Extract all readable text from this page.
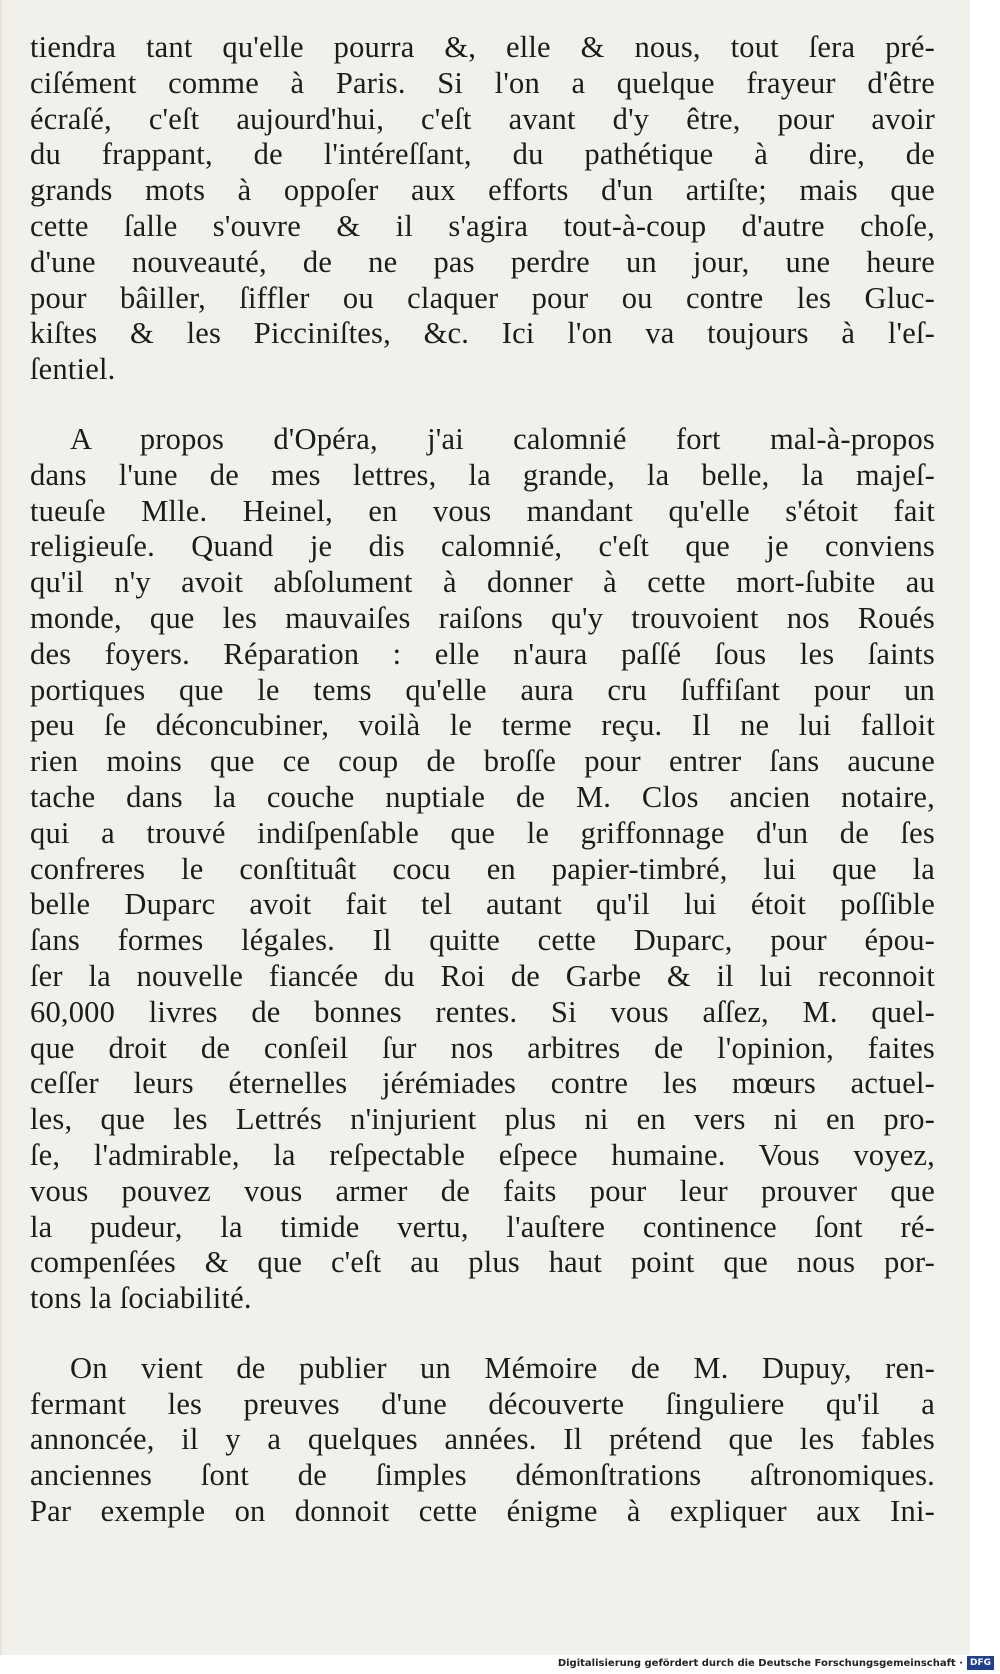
tiendra tant qu'elle pourra &, elle & nous, tout ſera pré-
ciſément comme à Paris. Si l'on a quelque frayeur d'être
écraſé, c'eſt aujourd'hui, c'eſt avant d'y être, pour avoir
du frappant, de l'intéreſſant, du pathétique à dire, de
grands mots à oppoſer aux efforts d'un artiſte; mais que
cette ſalle s'ouvre & il s'agira tout-à-coup d'autre choſe,
d'une nouveauté, de ne pas perdre un jour, une heure
pour bâiller, ſiffler ou claquer pour ou contre les Gluc-
kiſtes & les Picciniſtes, &c. Ici l'on va toujours à l'eſ-
ſentiel.
A propos d'Opéra, j'ai calomnié fort mal-à-propos
dans l'une de mes lettres, la grande, la belle, la majeſ-
tueuſe Mlle. Heinel, en vous mandant qu'elle s'étoit fait
religieuſe. Quand je dis calomnié, c'eſt que je conviens
qu'il n'y avoit abſolument à donner à cette mort-ſubite au
monde, que les mauvaiſes raiſons qu'y trouvoient nos Roués
des foyers. Réparation : elle n'aura paſſé ſous les ſaints
portiques que le tems qu'elle aura cru ſuffiſant pour un
peu ſe déconcubiner, voilà le terme reçu. Il ne lui falloit
rien moins que ce coup de broſſe pour entrer ſans aucune
tache dans la couche nuptiale de M. Clos ancien notaire,
qui a trouvé indiſpenſable que le griffonnage d'un de ſes
confreres le conſtituât cocu en papier-timbré, lui que la
belle Duparc avoit fait tel autant qu'il lui étoit poſſible
ſans formes légales. Il quitte cette Duparc, pour épou-
ſer la nouvelle fiancée du Roi de Garbe & il lui reconnoit
60,000 livres de bonnes rentes. Si vous aſſez, M. quel-
que droit de conſeil ſur nos arbitres de l'opinion, faites
ceſſer leurs éternelles jérémiades contre les mœurs actuel-
les, que les Lettrés n'injurient plus ni en vers ni en pro-
ſe, l'admirable, la reſpectable eſpece humaine. Vous voyez,
vous pouvez vous armer de faits pour leur prouver que
la pudeur, la timide vertu, l'auſtere continence ſont ré-
compenſées & que c'eſt au plus haut point que nous por-
tons la ſociabilité.
On vient de publier un Mémoire de M. Dupuy, ren-
fermant les preuves d'une découverte ſinguliere qu'il a
annoncée, il y a quelques années. Il prétend que les fables
anciennes ſont de ſimples démonſtrations aſtronomiques.
Par exemple on donnoit cette énigme à expliquer aux Ini-
Digitalisierung gefördert durch die Deutsche Forschungsgemeinschaft · DFG
